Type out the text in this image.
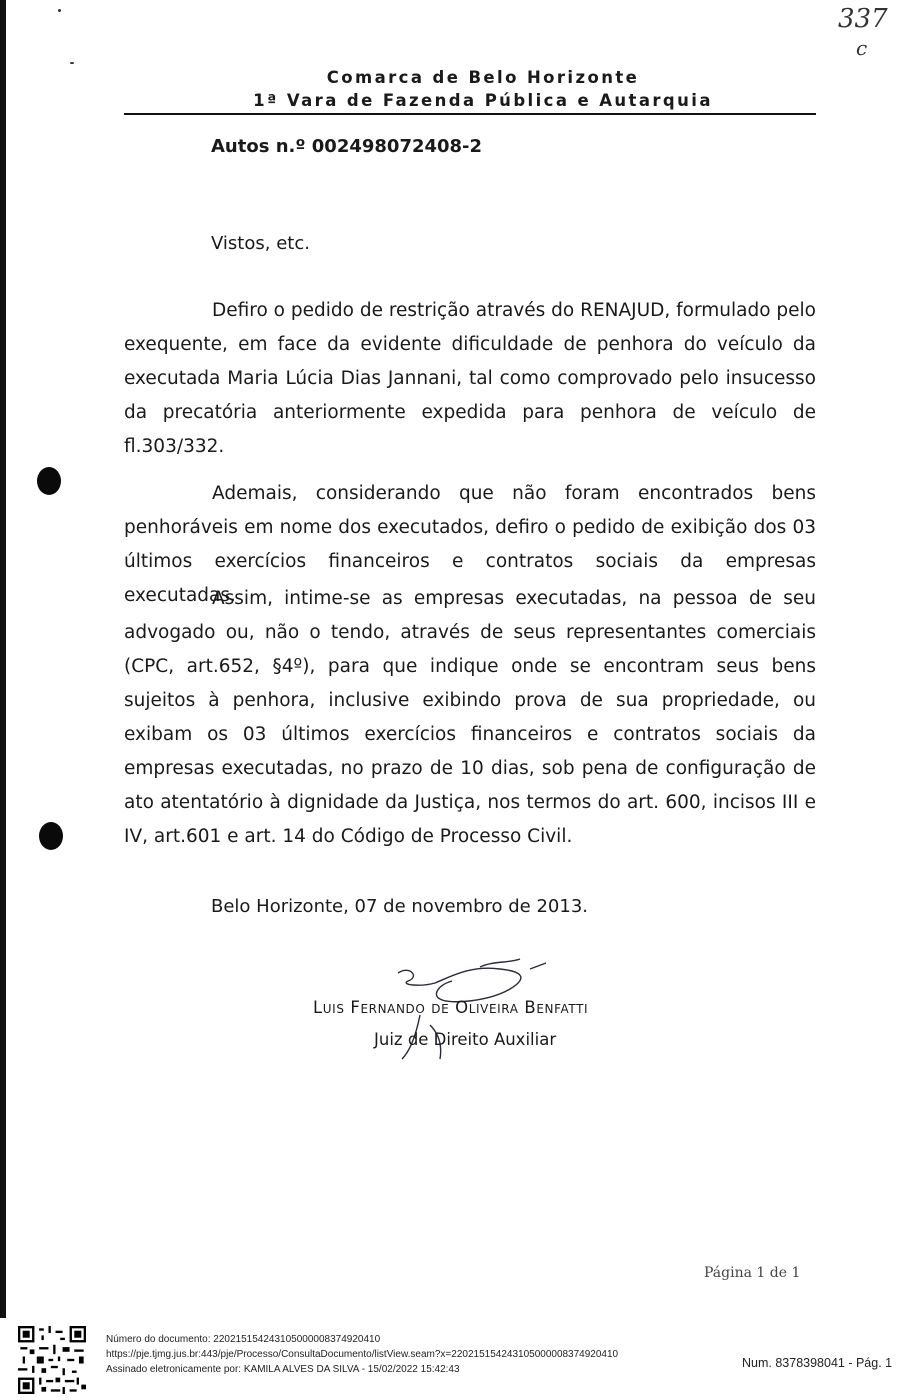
337
c
Comarca de Belo Horizonte
1ª Vara de Fazenda Pública e Autarquia
Autos n.º 002498072408-2
Vistos, etc.
Defiro o pedido de restrição através do RENAJUD, formulado pelo exequente, em face da evidente dificuldade de penhora do veículo da executada Maria Lúcia Dias Jannani, tal como comprovado pelo insucesso da precatória anteriormente expedida para penhora de veículo de fl.303/332.
Ademais, considerando que não foram encontrados bens penhoráveis em nome dos executados, defiro o pedido de exibição dos 03 últimos exercícios financeiros e contratos sociais da empresas executadas.
Assim, intime-se as empresas executadas, na pessoa de seu advogado ou, não o tendo, através de seus representantes comerciais (CPC, art.652, §4º), para que indique onde se encontram seus bens sujeitos à penhora, inclusive exibindo prova de sua propriedade, ou exibam os 03 últimos exercícios financeiros e contratos sociais da empresas executadas, no prazo de 10 dias, sob pena de configuração de ato atentatório à dignidade da Justiça, nos termos do art. 600, incisos III e IV, art.601 e art. 14 do Código de Processo Civil.
Belo Horizonte, 07 de novembro de 2013.
Luis Fernando de Oliveira Benfatti
Juiz de Direito Auxiliar
Página 1 de 1
Número do documento: 22021515424310500000837492041​0
https://pje.tjmg.jus.br:443/pje/Processo/ConsultaDocumento/listView.seam?x=22021515424310500000837492041​0
Assinado eletronicamente por: KAMILA ALVES DA SILVA - 15/02/2022 15:42:43	Num. 8378398041 - Pág. 1
